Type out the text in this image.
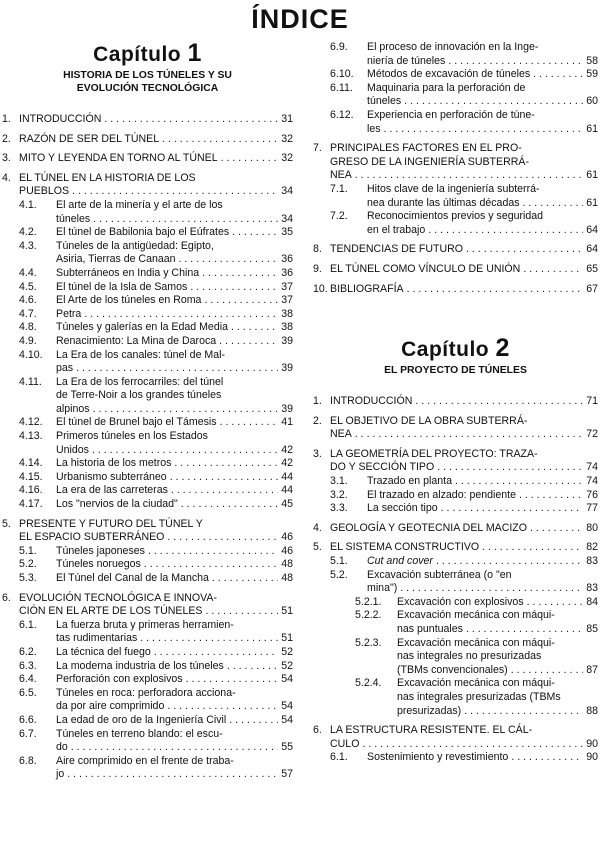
ÍNDICE
Capítulo 1
HISTORIA DE LOS TÚNELES Y SU
EVOLUCIÓN TECNOLÓGICA
1. INTRODUCCIÓN . . .	31
2. RAZÓN DE SER DEL TÚNEL . . .	32
3. MITO Y LEYENDA EN TORNO AL TÚNEL . . .	32
4. EL TÚNEL EN LA HISTORIA DE LOS
PUEBLOS . . .	34
4.1.	El arte de la minería y el arte de los
túneles . . .	34
4.2.	El túnel de Babilonia bajo el Eúfrates . . .	35
4.3.	Túneles de la antigüedad: Egipto,
Asiria, Tierras de Canaan . . .	36
4.4.	Subterráneos en India y China . . .	36
4.5.	El túnel de la Isla de Samos . . .	37
4.6.	El Arte de los túneles en Roma . . .	37
4.7.	Petra . . .	38
4.8.	Túneles y galerías en la Edad Media . . .	38
4.9.	Renacimiento: La Mina de Daroca . . .	39
4.10.	La Era de los canales: túnel de Mal-
pas . . .	39
4.11.	La Era de los ferrocarriles: del túnel
de Terre-Noir a los grandes túneles
alpinos . . .	39
4.12.	El túnel de Brunel bajo el Támesis . . .	41
4.13.	Primeros túneles en los Estados
Unidos . . .	42
4.14.	La historia de los metros . . .	42
4.15.	Urbanismo subterráneo . . .	44
4.16.	La era de las carreteras . . .	44
4.17.	Los "nervios de la ciudad" . . .	45
5. PRESENTE Y FUTURO DEL TÚNEL Y
EL ESPACIO SUBTERRÁNEO . . .	46
5.1.	Túneles japoneses . . .	46
5.2.	Túneles noruegos . . .	48
5.3.	El Túnel del Canal de la Mancha . . .	48
6. EVOLUCIÓN TECNOLÓGICA E INNOVA-
CIÓN EN EL ARTE DE LOS TÚNELES . . .	51
6.1.	La fuerza bruta y primeras herramien-
tas rudimentarias . . .	51
6.2.	La técnica del fuego . . .	52
6.3.	La moderna industria de los túneles . . .	52
6.4.	Perforación con explosivos . . .	54
6.5.	Túneles en roca: perforadora acciona-
da por aire comprimido . . .	54
6.6.	La edad de oro de la Ingeniería Civil . . .	54
6.7.	Túneles en terreno blando: el escu-
do . . .	55
6.8.	Aire comprimido en el frente de traba-
jo . . .	57
6.9.	El proceso de innovación en la Inge-
niería de túneles . . .	58
6.10.	Métodos de excavación de túneles . . .	59
6.11.	Maquinaria para la perforación de
túneles . . .	60
6.12.	Experiencia en perforación de túne-
les . . .	61
7. PRINCIPALES FACTORES EN EL PRO-
GRESO DE LA INGENIERÍA SUBTERRÁ-
NEA . . .	61
7.1.	Hitos clave de la ingeniería subterrá-
nea durante las últimas décadas . . .	61
7.2.	Reconocimientos previos y seguridad
en el trabajo . . .	64
8. TENDENCIAS DE FUTURO . . .	64
9. EL TÚNEL COMO VÍNCULO DE UNIÓN . . .	65
10. BIBLIOGRAFÍA . . .	67
Capítulo 2
EL PROYECTO DE TÚNELES
1. INTRODUCCIÓN . . .	71
2. EL OBJETIVO DE LA OBRA SUBTERRÁ-
NEA . . .	72
3. LA GEOMETRÍA DEL PROYECTO: TRAZA-
DO Y SECCIÓN TIPO . . .	74
3.1.	Trazado en planta . . .	74
3.2.	El trazado en alzado: pendiente . . .	76
3.3.	La sección tipo . . .	77
4. GEOLOGÍA Y GEOTECNIA DEL MACIZO . . .	80
5. EL SISTEMA CONSTRUCTIVO . . .	82
5.1.	Cut and cover . . .	83
5.2.	Excavación subterránea (o "en
mina") . . .	83
5.2.1.	Excavación con explosivos . . .	84
5.2.2.	Excavación mecánica con máqui-
nas puntuales . . .	85
5.2.3.	Excavación mecánica con máqui-
nas integrales no presurizadas
(TBMs convencionales) . . .	87
5.2.4.	Excavación mecánica con máqui-
nas integrales presurizadas (TBMs
presurizadas) . . .	88
6. LA ESTRUCTURA RESISTENTE. EL CÁL-
CULO . . .	90
6.1.	Sostenimiento y revestimiento . . .	90
